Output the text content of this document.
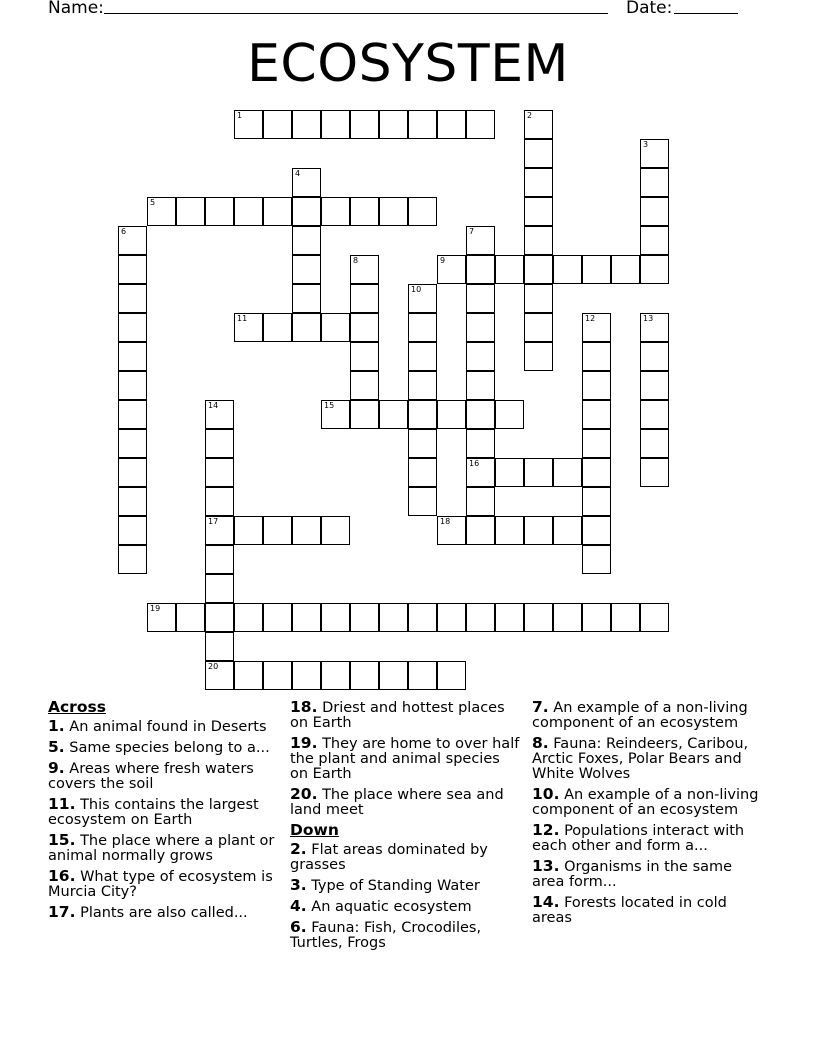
Name:	Date:
ECOSYSTEM
1	2
3
4
5
6	7
16
8	9
10
11	12	13
14
17
20
15
18
19
Across
1. An animal found in Deserts
5. Same species belong to a...
9. Areas where fresh waters covers the soil
11. This contains the largest ecosystem on Earth
15. The place where a plant or animal normally grows
16. What type of ecosystem is Murcia City?
17. Plants are also called...
18. Driest and hottest places on Earth
19. They are home to over half the plant and animal species on Earth
20. The place where sea and land meet
Down
2. Flat areas dominated by grasses
3. Type of Standing Water
4. An aquatic ecosystem
6. Fauna: Fish, Crocodiles, Turtles, Frogs
7. An example of a non-living component of an ecosystem
8. Fauna: Reindeers, Caribou, Arctic Foxes, Polar Bears and White Wolves
10. An example of a non-living component of an ecosystem
12. Populations interact with each other and form a...
13. Organisms in the same area form...
14. Forests located in cold areas
